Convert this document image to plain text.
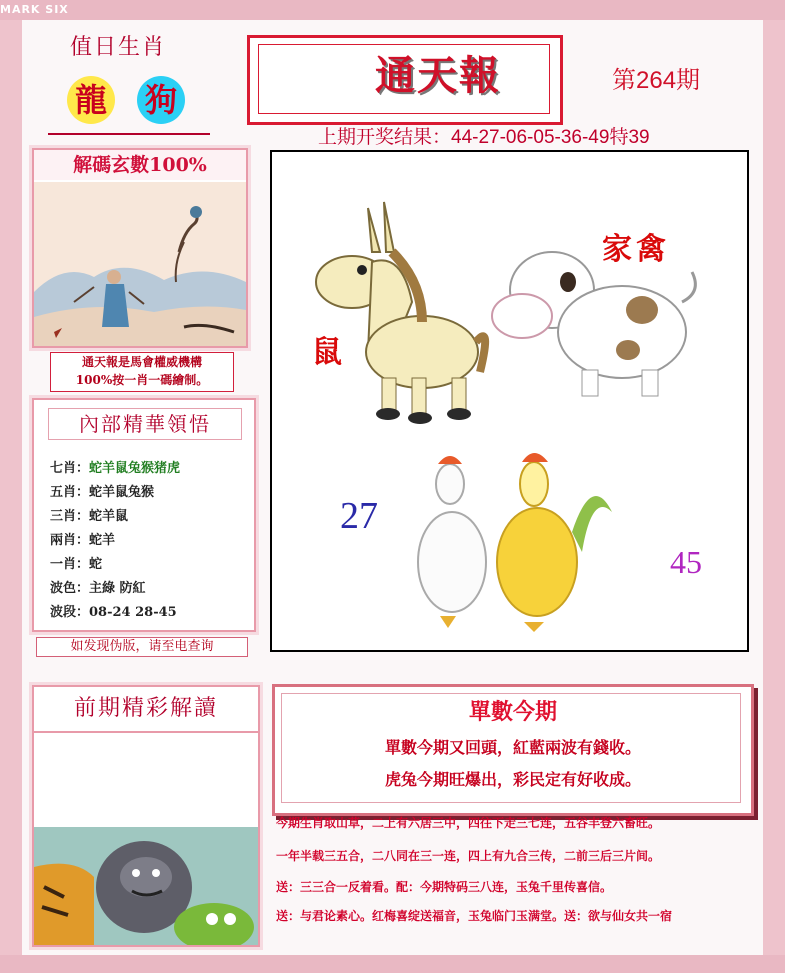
MARK SIX
值日生肖
龍 狗
解碼玄數100%
通天報是馬會權威機構
100%按一肖一碼繪制。
內部精華領悟
七肖：蛇羊鼠兔猴猪虎
五肖：蛇羊鼠兔猴
三肖：蛇羊鼠
兩肖：蛇羊
一肖：蛇
波色：主綠 防紅
波段：08-24 28-45
如发现伪版，请至电查询
前期精彩解讀
通天報	第264期
上期开奖结果：44-27-06-05-36-49特39
鼠
家禽
27
45
單數今期
單數今期又回頭，紅藍兩波有錢收。
虎兔今期旺爆出，彩民定有好收成。
今期生肖取山草，二上有六居三中，四往下走三七连，五谷丰登六畜旺。
一年半载三五合，二八同在三一连，四上有九合三传，二前三后三片间。
送：三三合一反着看。配：今期特码三八连，玉兔千里传喜信。
送：与君论素心。红梅喜绽送福音，玉兔临门玉满堂。送：欲与仙女共一宿
